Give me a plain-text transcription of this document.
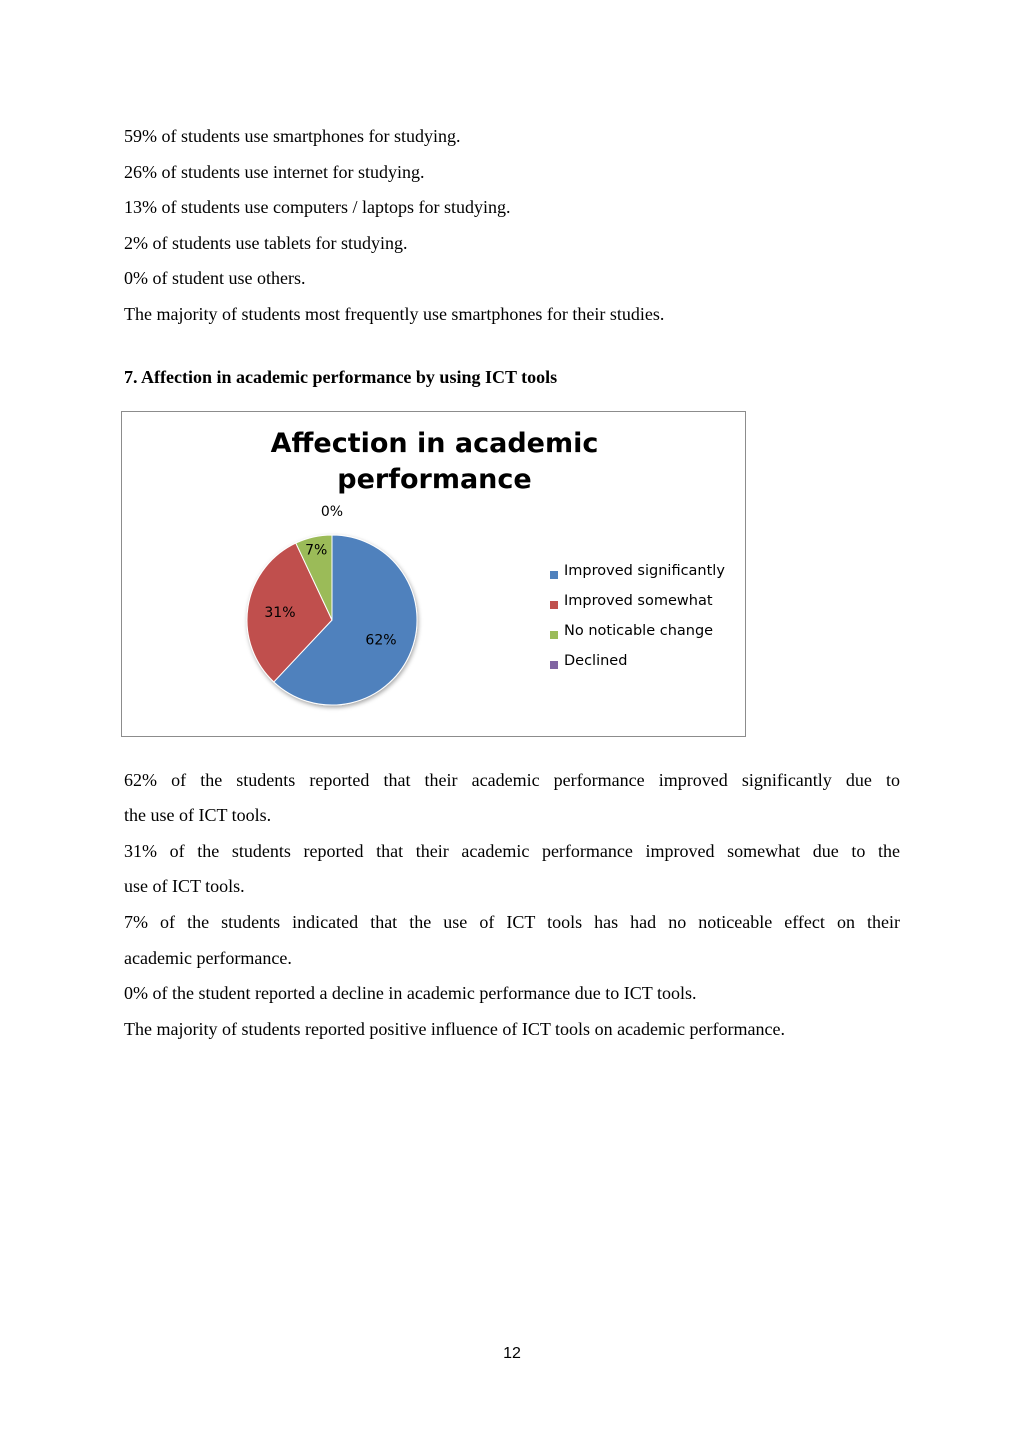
59% of students use smartphones for studying.
26% of students use internet for studying.
13% of students use computers / laptops for studying.
2% of students use tablets for studying.
0% of student use others.
The majority of students most frequently use smartphones for their studies.
7. Affection in academic performance by using ICT tools
Affection in academic
performance
62%
31%
7%
0%
Improved significantly
Improved somewhat
No noticable change
Declined
62% of the students reported that their academic performance improved significantly due to
the use of ICT tools.
31% of the students reported that their academic performance improved somewhat due to the
use of ICT tools.
7% of the students indicated that the use of ICT tools has had no noticeable effect on their
academic performance.
0% of the student reported a decline in academic performance due to ICT tools.
The majority of students reported positive influence of ICT tools on academic performance.
12
